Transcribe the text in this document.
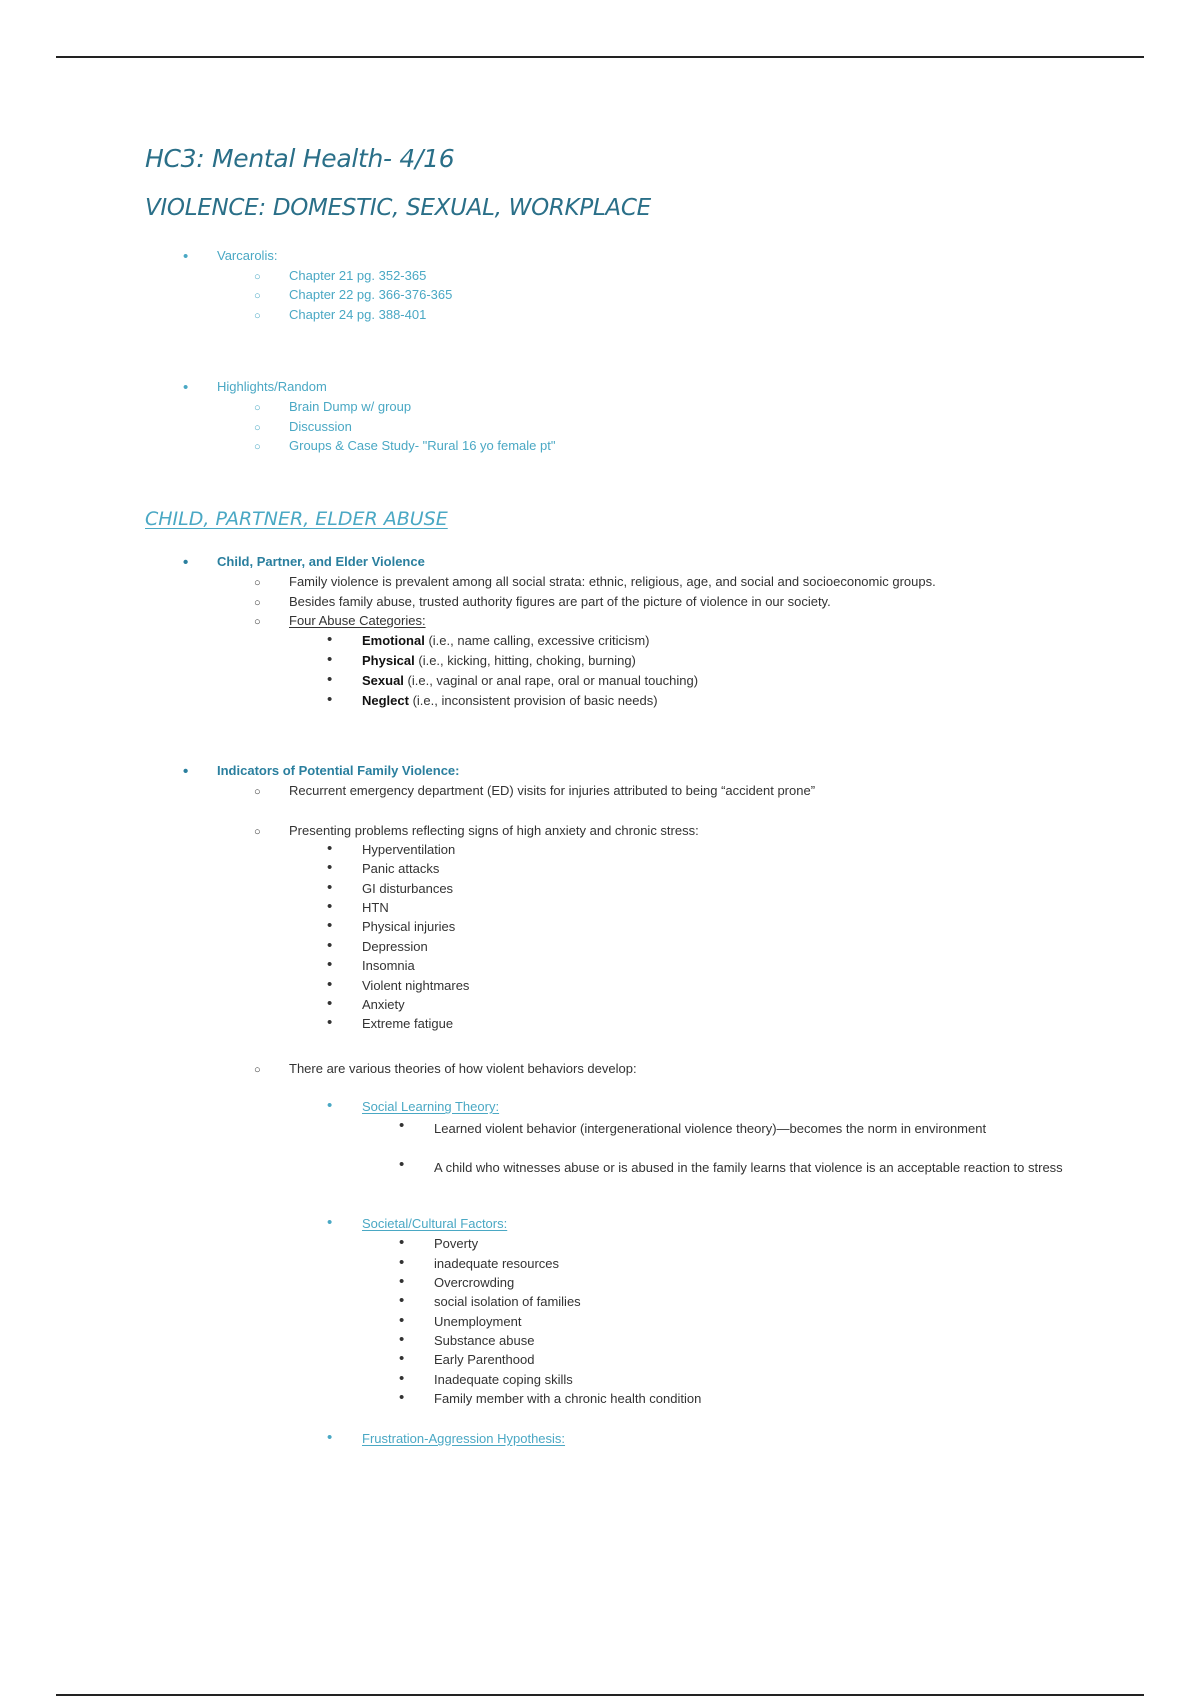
HC3: Mental Health- 4/16
VIOLENCE: DOMESTIC, SEXUAL, WORKPLACE
• Varcarolis:
○ Chapter 21 pg. 352-365
○ Chapter 22 pg. 366-376-365
○ Chapter 24 pg. 388-401
• Highlights/Random
○ Brain Dump w/ group
○ Discussion
○ Groups & Case Study- "Rural 16 yo female pt"
CHILD, PARTNER, ELDER ABUSE
• Child, Partner, and Elder Violence
○ Family violence is prevalent among all social strata: ethnic, religious, age, and social and socioeconomic groups.
○ Besides family abuse, trusted authority figures are part of the picture of violence in our society.
○ Four Abuse Categories:
• Emotional (i.e., name calling, excessive criticism)
• Physical (i.e., kicking, hitting, choking, burning)
• Sexual (i.e., vaginal or anal rape, oral or manual touching)
• Neglect (i.e., inconsistent provision of basic needs)
• Indicators of Potential Family Violence:
○ Recurrent emergency department (ED) visits for injuries attributed to being “accident prone”
○ Presenting problems reflecting signs of high anxiety and chronic stress:
• Hyperventilation
• Panic attacks
• GI disturbances
• HTN
• Physical injuries
• Depression
• Insomnia
• Violent nightmares
• Anxiety
• Extreme fatigue
○ There are various theories of how violent behaviors develop:
• Social Learning Theory:
• Learned violent behavior (intergenerational violence theory)—becomes the norm in environment
• A child who witnesses abuse or is abused in the family learns that violence is an acceptable reaction to stress
• Societal/Cultural Factors:
• Poverty
• inadequate resources
• Overcrowding
• social isolation of families
• Unemployment
• Substance abuse
• Early Parenthood
• Inadequate coping skills
• Family member with a chronic health condition
• Frustration-Aggression Hypothesis:
